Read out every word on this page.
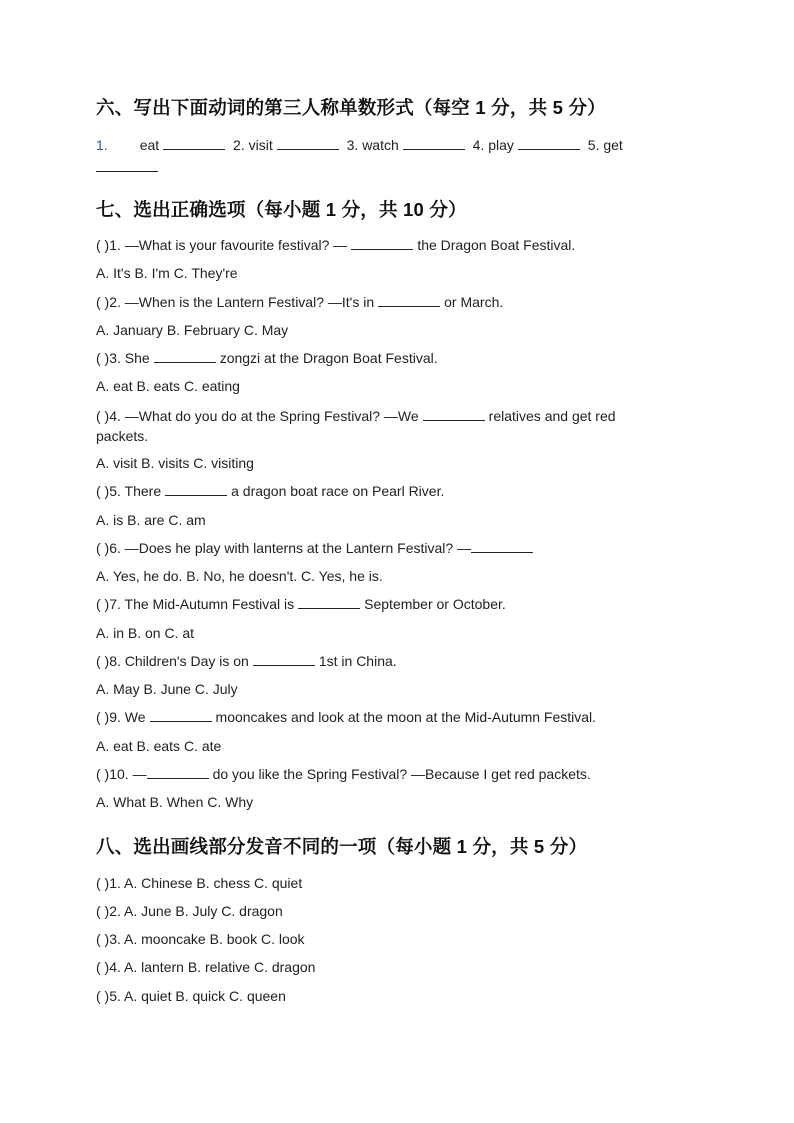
六、写出下面动词的第三人称单数形式（每空 1 分，共 5 分）
1. eat	2. visit	3. watch	4. play	5. get

七、选出正确选项（每小题 1 分，共 10 分）
( )1. —What is your favourite festival? —	the Dragon Boat Festival.
A. It's B. I'm C. They're
( )2. —When is the Lantern Festival? —It's in	or March.
A. January B. February C. May
( )3. She	zongzi at the Dragon Boat Festival.
A. eat B. eats C. eating
( )4. —What do you do at the Spring Festival? —We	relatives and get red packets.
A. visit B. visits C. visiting
( )5. There	a dragon boat race on Pearl River.
A. is B. are C. am
( )6. —Does he play with lanterns at the Lantern Festival? —
A. Yes, he do. B. No, he doesn't. C. Yes, he is.
( )7. The Mid-Autumn Festival is	September or October.
A. in B. on C. at
( )8. Children's Day is on	1st in China.
A. May B. June C. July
( )9. We	mooncakes and look at the moon at the Mid-Autumn Festival.
A. eat B. eats C. ate
( )10. —	do you like the Spring Festival? —Because I get red packets.
A. What B. When C. Why
八、选出画线部分发音不同的一项（每小题 1 分，共 5 分）
( )1. A. Chinese B. chess C. quiet
( )2. A. June B. July C. dragon
( )3. A. mooncake B. book C. look
( )4. A. lantern B. relative C. dragon
( )5. A. quiet B. quick C. queen
